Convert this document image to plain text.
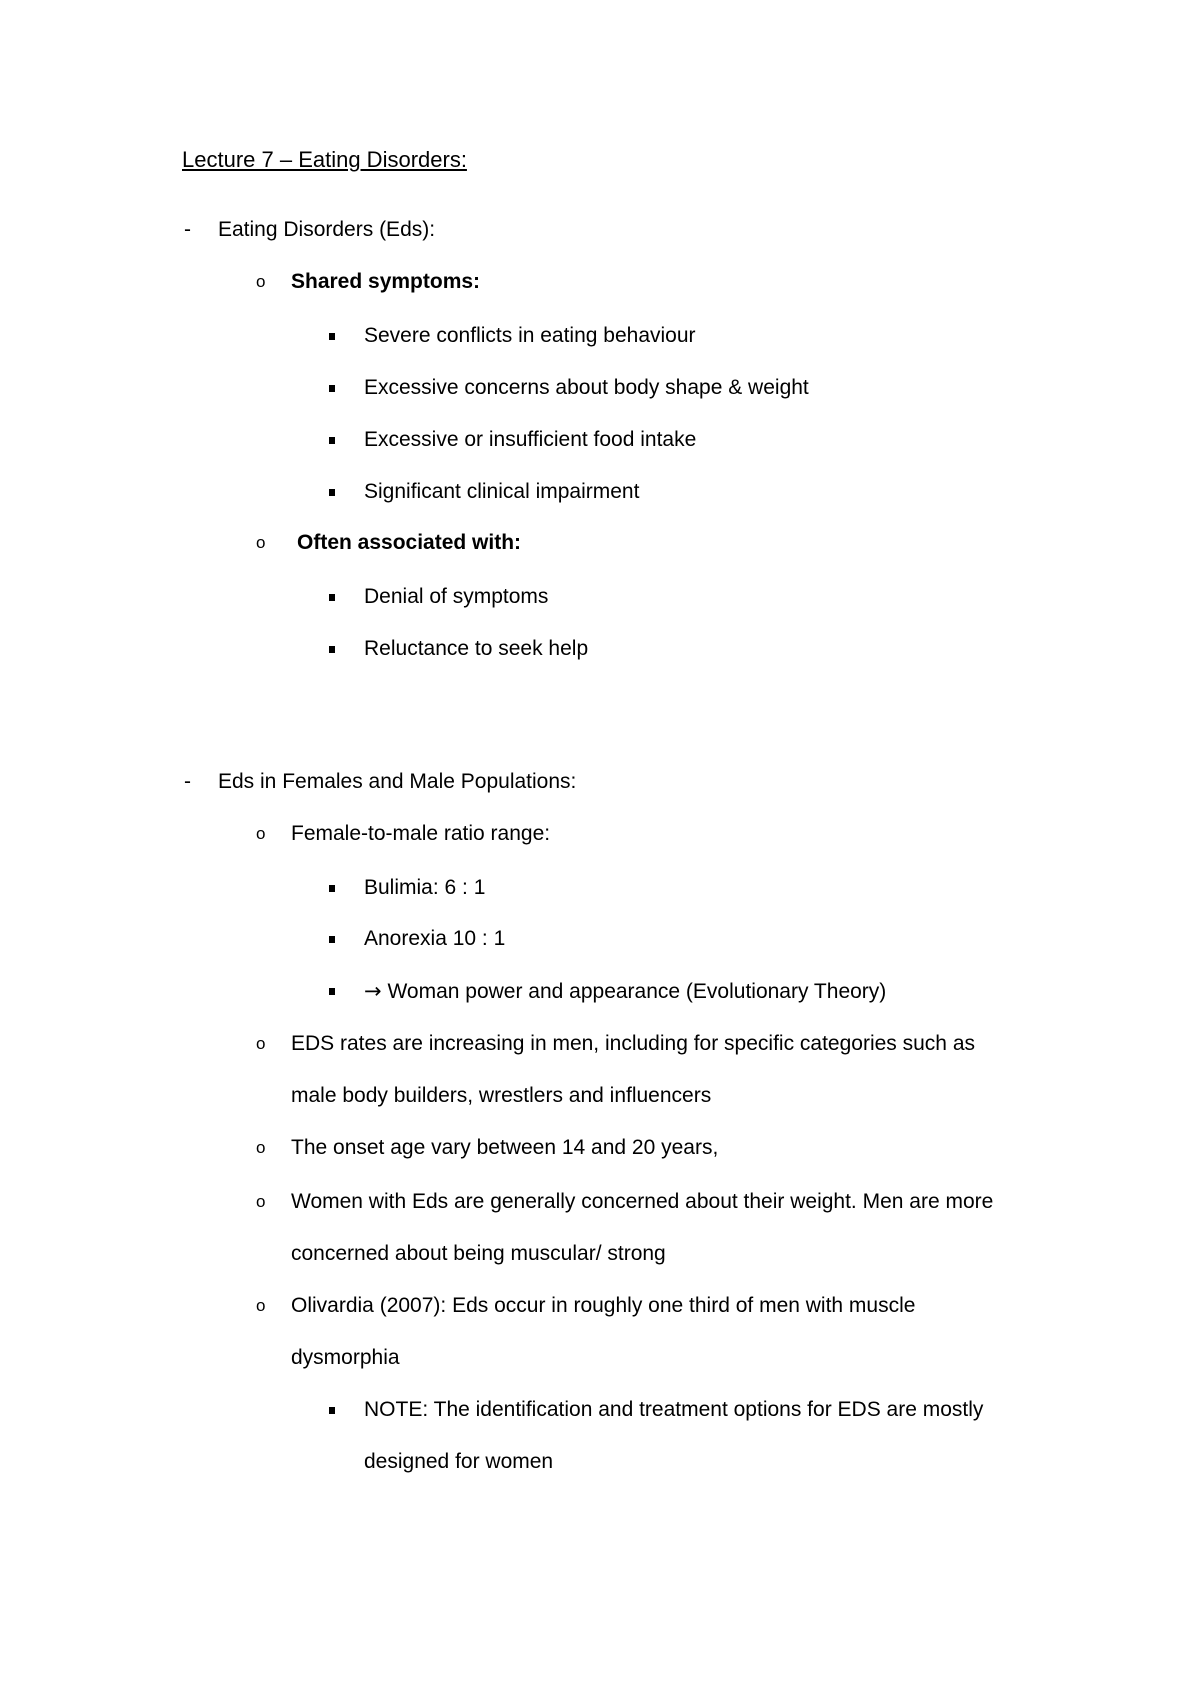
Lecture 7 – Eating Disorders:
- Eating Disorders (Eds):
o Shared symptoms:
Severe conflicts in eating behaviour
Excessive concerns about body shape & weight
Excessive or insufficient food intake
Significant clinical impairment
o Often associated with:
Denial of symptoms
Reluctance to seek help
- Eds in Females and Male Populations:
o Female-to-male ratio range:
Bulimia: 6 : 1
Anorexia 10 : 1
→ Woman power and appearance (Evolutionary Theory)
o EDS rates are increasing in men, including for specific categories such as
male body builders, wrestlers and influencers
o The onset age vary between 14 and 20 years,
o Women with Eds are generally concerned about their weight. Men are more
concerned about being muscular/ strong
o Olivardia (2007): Eds occur in roughly one third of men with muscle
dysmorphia
NOTE: The identification and treatment options for EDS are mostly
designed for women
